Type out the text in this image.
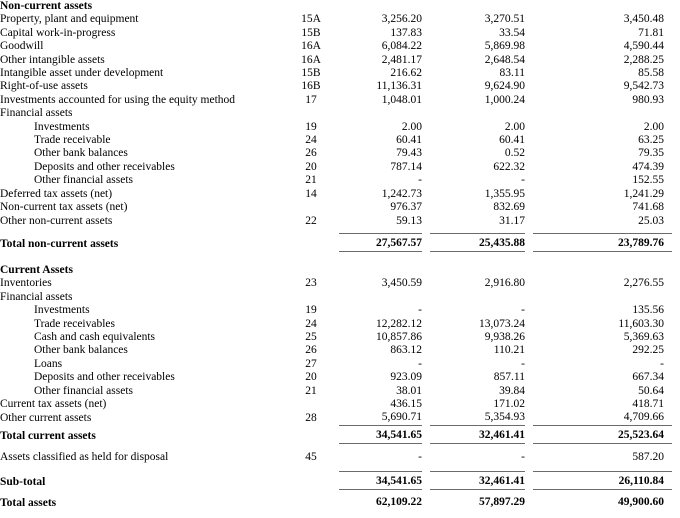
Non-current assets								
Property, plant and equipment	15A		3,256.20		3,270.51		3,450.48	
Capital work-in-progress	15B		137.83		33.54		71.81	
Goodwill	16A		6,084.22		5,869.98		4,590.44	
Other intangible assets	16A		2,481.17		2,648.54		2,288.25	
Intangible asset under development	15B		216.62		83.11		85.58	
Right-of-use assets	16B		11,136.31		9,624.90		9,542.73	
Investments accounted for using the equity method	17		1,048.01		1,000.24		980.93	
Financial assets								
Investments	19		2.00		2.00		2.00	
Trade receivable	24		60.41		60.41		63.25	
Other bank balances	26		79.43		0.52		79.35	
Deposits and other receivables	20		787.14		622.32		474.39	
Other financial assets	21		-		-		152.55	
Deferred tax assets (net)	14		1,242.73		1,355.95		1,241.29	
Non-current tax assets (net)			976.37		832.69		741.68	
Other non-current assets	22		59.13		31.17		25.03	

Total non-current assets			27,567.57		25,435.88		23,789.76	

Current Assets								
Inventories	23		3,450.59		2,916.80		2,276.55	
Financial assets								
Investments	19		-		-		135.56	
Trade receivables	24		12,282.12		13,073.24		11,603.30	
Cash and cash equivalents	25		10,857.86		9,938.26		5,369.63	
Other bank balances	26		863.12		110.21		292.25	
Loans	27		-		-		-	
Deposits and other receivables	20		923.09		857.11		667.34	
Other financial assets	21		38.01		39.84		50.64	
Current tax assets (net)			436.15		171.02		418.71	
Other current assets	28		5,690.71		5,354.93		4,709.66	
Total current assets			34,541.65		32,461.41		25,523.64	

Assets classified as held for disposal	45		-		-		587.20	

Sub-total			34,541.65		32,461.41		26,110.84	

Total assets			62,109.22		57,897.29		49,900.60	
